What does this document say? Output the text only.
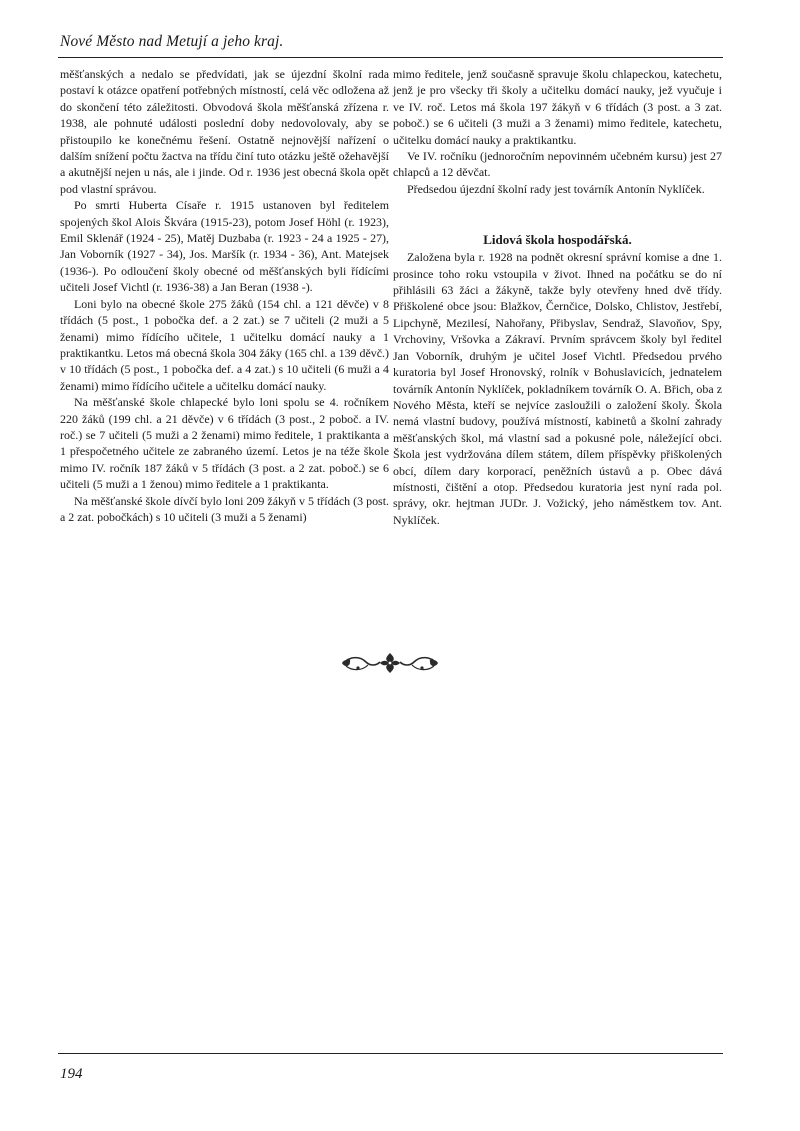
Nové Město nad Metují a jeho kraj.

měšťanských a nedalo se předvídati, jak se újezdní školní rada postaví k otázce opatření potřebných místností, celá věc odložena až do skončení této záležitosti. Obvodová škola měšťanská zřízena r. 1938, ale pohnuté události poslední doby nedovolovaly, aby se přistoupilo ke konečnému řešení. Ostatně nejnovější nařízení o dalším snížení počtu žactva na třídu činí tuto otázku ještě ožehavější a akutnější nejen u nás, ale i jinde. Od r. 1936 jest obecná škola opět pod vlastní správou.

Po smrti Huberta Císaře r. 1915 ustanoven byl ředitelem spojených škol Alois Škvára (1915-23), potom Josef Höhl (r. 1923), Emil Sklenář (1924 - 25), Matěj Duzbaba (r. 1923 - 24 a 1925 - 27), Jan Voborník (1927 - 34), Jos. Maršík (r. 1934 - 36), Ant. Matejsek (1936-). Po odloučení školy obecné od měšťanských byli řídícími učiteli Josef Vichtl (r. 1936-38) a Jan Beran (1938 -).

Loni bylo na obecné škole 275 žáků (154 chl. a 121 děvče) v 8 třídách (5 post., 1 pobočka def. a 2 zat.) se 7 učiteli (2 muži a 5 ženami) mimo řídícího učitele, 1 učitelku domácí nauky a 1 praktikantku. Letos má obecná škola 304 žáky (165 chl. a 139 děvč.) v 10 třídách (5 post., 1 pobočka def. a 4 zat.) s 10 učiteli (6 muži a 4 ženami) mimo řídícího učitele a učitelku domácí nauky.

Na měšťanské škole chlapecké bylo loni spolu se 4. ročníkem 220 žáků (199 chl. a 21 děvče) v 6 třídách (3 post., 2 poboč. a IV. roč.) se 7 učiteli (5 muži a 2 ženami) mimo ředitele, 1 praktikanta a 1 přespočetného učitele ze zabraného území. Letos je na téže škole mimo IV. ročník 187 žáků v 5 třídách (3 post. a 2 zat. poboč.) se 6 učiteli (5 muži a 1 ženou) mimo ředitele a 1 praktikanta.

Na měšťanské škole dívčí bylo loni 209 žákyň v 5 třídách (3 post. a 2 zat. pobočkách) s 10 učiteli (3 muži a 5 ženami)

mimo ředitele, jenž současně spravuje školu chlapeckou, katechetu, jenž je pro všecky tři školy a učitelku domácí nauky, jež vyučuje i ve IV. roč. Letos má škola 197 žákyň v 6 třídách (3 post. a 3 zat. poboč.) se 6 učiteli (3 muži a 3 ženami) mimo ředitele, katechetu, učitelku domácí nauky a praktikantku.

Ve IV. ročníku (jednoročním nepovinném učebném kursu) jest 27 chlapců a 12 děvčat.

Předsedou újezdní školní rady jest továrník Antonín Nyklíček.

Lidová škola hospodářská.

Založena byla r. 1928 na podnět okresní správní komise a dne 1. prosince toho roku vstoupila v život. Ihned na počátku se do ní přihlásili 63 žáci a žákyně, takže byly otevřeny hned dvě třídy. Přiškolené obce jsou: Blažkov, Černčice, Dolsko, Chlistov, Jestřebí, Lipchyně, Mezilesí, Nahořany, Přibyslav, Sendraž, Slavoňov, Spy, Vrchoviny, Vršovka a Zákraví. Prvním správcem školy byl ředitel Jan Voborník, druhým je učitel Josef Vichtl. Předsedou prvého kuratoria byl Josef Hronovský, rolník v Bohuslavicích, jednatelem továrník Antonín Nyklíček, pokladníkem továrník O. A. Břich, oba z Nového Města, kteří se nejvíce zasloužili o založení školy. Škola nemá vlastní budovy, používá místností, kabinetů a školní zahrady měšťanských škol, má vlastní sad a pokusné pole, náležející obci. Škola jest vydržována dílem státem, dílem příspěvky přiškolených obcí, dílem dary korporací, peněžních ústavů a p. Obec dává místnosti, čištění a otop. Předsedou kuratoria jest nyní rada pol. správy, okr. hejtman JUDr. J. Vožický, jeho náměstkem tov. Ant. Nyklíček.

194
